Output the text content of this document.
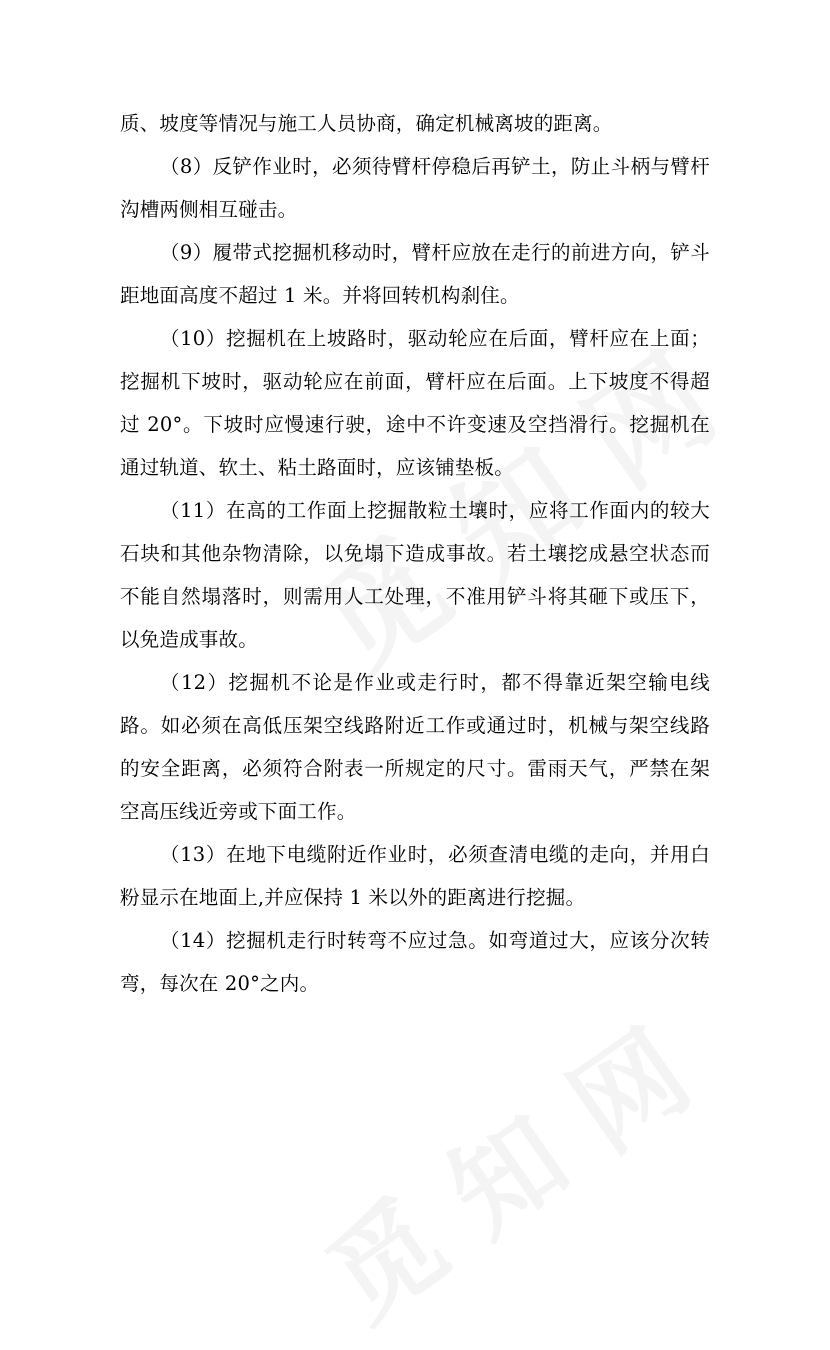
质、坡度等情况与施工人员协商，确定机械离坡的距离。

（8）反铲作业时，必须待臂杆停稳后再铲土，防止斗柄与臂杆沟槽两侧相互碰击。

（9）履带式挖掘机移动时，臂杆应放在走行的前进方向，铲斗距地面高度不超过 1 米。并将回转机构刹住。

（10）挖掘机在上坡路时，驱动轮应在后面，臂杆应在上面；挖掘机下坡时，驱动轮应在前面，臂杆应在后面。上下坡度不得超过 20°。下坡时应慢速行驶，途中不许变速及空挡滑行。挖掘机在通过轨道、软土、粘土路面时，应该铺垫板。

（11）在高的工作面上挖掘散粒土壤时，应将工作面内的较大石块和其他杂物清除，以免塌下造成事故。若土壤挖成悬空状态而不能自然塌落时，则需用人工处理，不准用铲斗将其砸下或压下，以免造成事故。

（12）挖掘机不论是作业或走行时，都不得靠近架空输电线路。如必须在高低压架空线路附近工作或通过时，机械与架空线路的安全距离，必须符合附表一所规定的尺寸。雷雨天气，严禁在架空高压线近旁或下面工作。

（13）在地下电缆附近作业时，必须查清电缆的走向，并用白粉显示在地面上,并应保持 1 米以外的距离进行挖掘。

（14）挖掘机走行时转弯不应过急。如弯道过大，应该分次转弯，每次在 20°之内。
